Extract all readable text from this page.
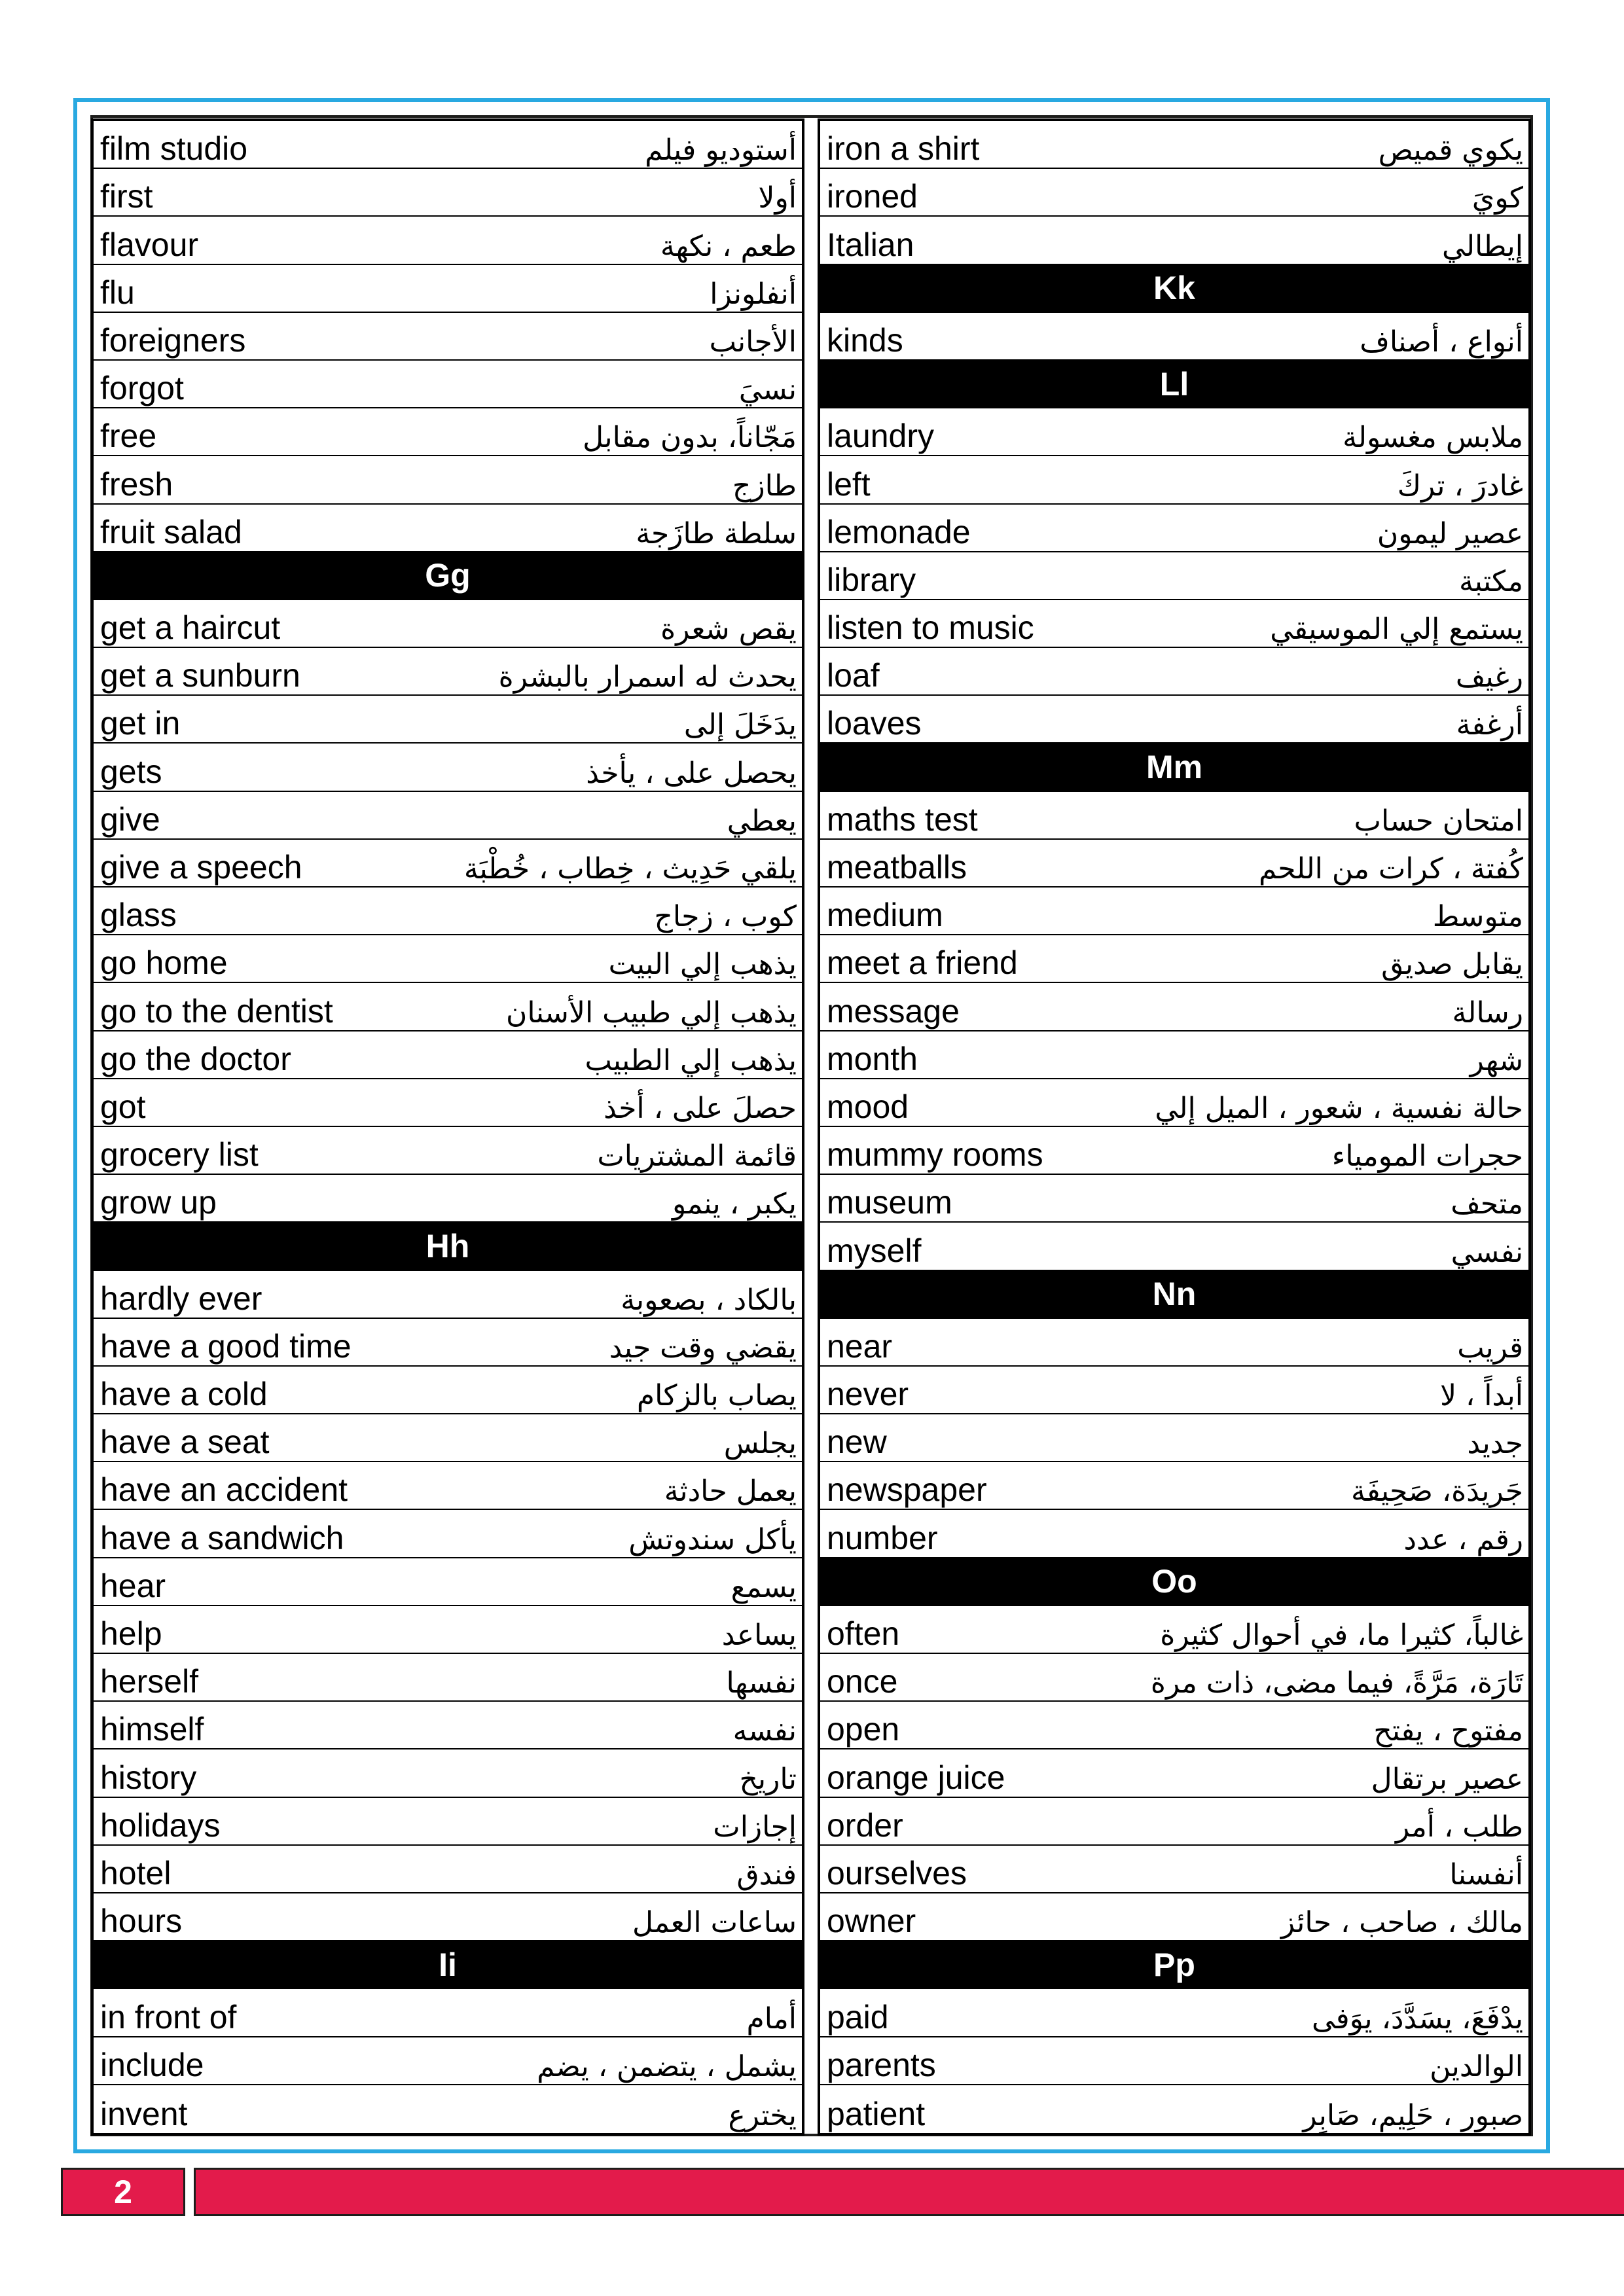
film studio	أستوديو فيلم
first	أولا
flavour	طعم ، نكهة
flu	أنفلونزا
foreigners	الأجانب
forgot	نسيَ
free	مَجّاناً، بدون مقابل
fresh	طازج
fruit salad	سلطة طازَجة
Gg
get a haircut	يقص شعرة
get a sunburn	يحدث له اسمرار بالبشرة
get in	يدَخَلَ إلى
gets	يحصل على ، يأخذ
give	يعطي
give a speech	يلقي حَدِيث ، خِطاب ، خُطْبَة
glass	كوب ، زجاج
go home	يذهب إلي البيت
go to the dentist	يذهب إلي طبيب الأسنان
go the doctor	يذهب إلي الطبيب
got	حصلَ على ، أخذ
grocery list	قائمة المشتريات
grow up	يكبر ، ينمو
Hh
hardly ever	بالكاد ، بصعوبة
have a good time	يقضي وقت جيد
have a cold	يصاب بالزكام
have a seat	يجلس
have an accident	يعمل حادثة
have a sandwich	يأكل سندوتش
hear	يسمع
help	يساعد
herself	نفسها
himself	نفسه
history	تاريخ
holidays	إجازات
hotel	فندق
hours	ساعات العمل
Ii
in front of	أمام
include	يشمل ، يتضمن ، يضم
invent	يخترع
iron a shirt	يكوي قميص
ironed	كويَ
Italian	إيطالي
Kk
kinds	أنواع ، أصناف
Ll
laundry	ملابس مغسولة
left	غادرَ ، تركَ
lemonade	عصير ليمون
library	مكتبة
listen to music	يستمع إلي الموسيقي
loaf	رغيف
loaves	أرغفة
Mm
maths test	امتحان حساب
meatballs	كُفتة ، كرات من اللحم
medium	متوسط
meet a friend	يقابل صديق
message	رسالة
month	شهر
mood	حالة نفسية ، شعور ، الميل إلي
mummy rooms	حجرات المومياء
museum	متحف
myself	نفسي
Nn
near	قريب
never	أبداً ، لا
new	جديد
newspaper	جَريدَة، صَحِيفَة
number	رقم ، عدد
Oo
often	غالباً، كثيرا ما، في أحوال كثيرة
once	تَارَة، مَرَّةً، فيما مضى، ذات مرة
open	مفتوح ، يفتح
orange juice	عصير برتقال
order	طلب ، أمر
ourselves	أنفسنا
owner	مالك ، صاحب ، حائز
Pp
paid	يدْفَعَ، يسَدَّدَ، يوَفى
parents	الوالدين
patient	صبور ، حَلِيم، صَابِر
2
